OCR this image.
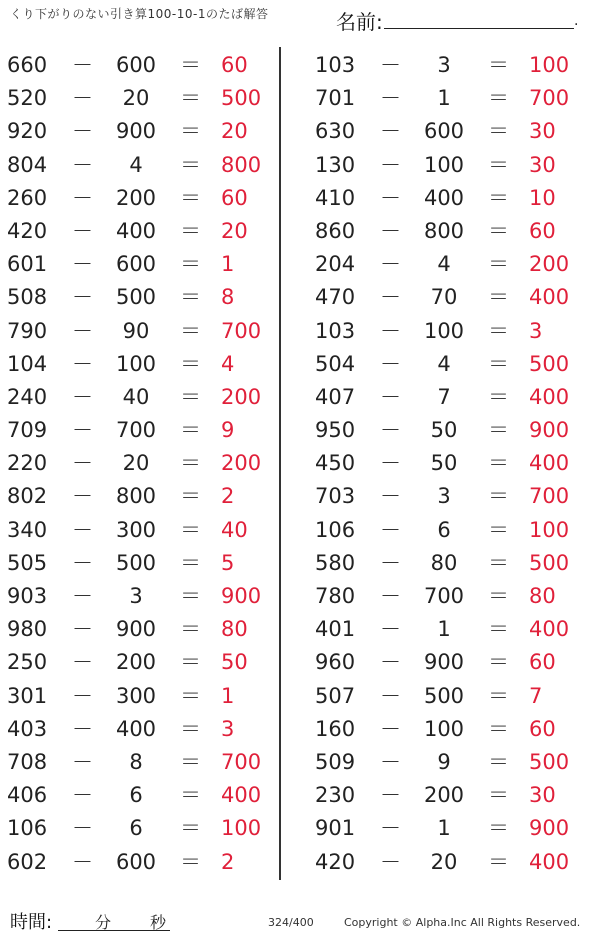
くり下がりのない引き算100-10-1のたば解答	名前:	.
660 －	600	＝ 60
520 －	20	＝ 500
920 －	900	＝ 20
804 －	4	＝ 800
260 －	200	＝ 60
420 －	400	＝ 20
601 －	600	＝ 1
508 －	500	＝ 8
790 －	90	＝ 700
104 －	100	＝ 4
240 －	40	＝ 200
709 －	700	＝ 9
220 －	20	＝ 200
802 －	800	＝ 2
340 －	300	＝ 40
505 －	500	＝ 5
903 －	3	＝ 900
980 －	900	＝ 80
250 －	200	＝ 50
301 －	300	＝ 1
403 －	400	＝ 3
708 －	8	＝ 700
406 －	6	＝ 400
106 －	6	＝ 100
602 －	600	＝ 2
103 －	3	＝ 100
701 －	1	＝ 700
630 －	600	＝ 30
130 －	100	＝ 30
410 －	400	＝ 10
860 －	800	＝ 60
204 －	4	＝ 200
470 －	70	＝ 400
103 －	100	＝ 3
504 －	4	＝ 500
407 －	7	＝ 400
950 －	50	＝ 900
450 －	50	＝ 400
703 －	3	＝ 700
106 －	6	＝ 100
580 －	80	＝ 500
780 －	700	＝ 80
401 －	1	＝ 400
960 －	900	＝ 60
507 －	500	＝ 7
160 －	100	＝ 60
509 －	9	＝ 500
230 －	200	＝ 30
901 －	1	＝ 900
420 －	20	＝ 400
時間:	分 秒	324/400	Copyright © Alpha.Inc All Rights Reserved.
